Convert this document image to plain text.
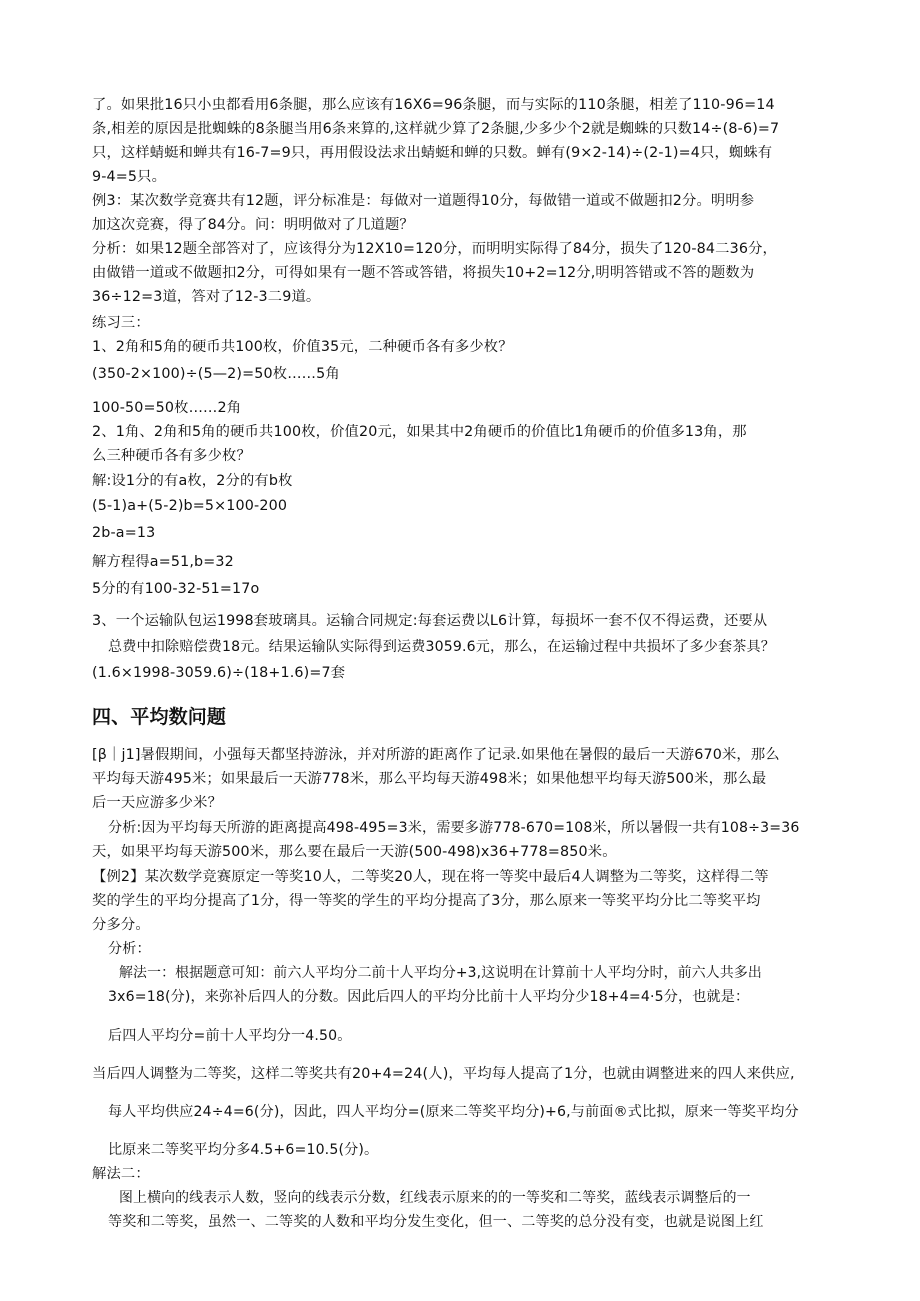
了。如果批16只小虫都看用6条腿，那么应该有16X6=96条腿，而与实际的110条腿，相差了110-96=14
条,相差的原因是批蜘蛛的8条腿当用6条来算的,这样就少算了2条腿,少多少个2就是蜘蛛的只数14÷(8-6)=7
只，这样蜻蜓和蝉共有16-7=9只，再用假设法求出蜻蜓和蝉的只数。蝉有(9×2-14)÷(2-1)=4只，蜘蛛有
9-4=5只。
例3：某次数学竞赛共有12题，评分标准是：每做对一道题得10分，每做错一道或不做题扣2分。明明参
加这次竞赛，得了84分。问：明明做对了几道题？
分析：如果12题全部答对了，应该得分为12X10=120分，而明明实际得了84分，损失了120-84二36分，
由做错一道或不做题扣2分，可得如果有一题不答或答错，将损失10+2=12分,明明答错或不答的题数为
36÷12=3道，答对了12-3二9道。
练习三：
1、2角和5角的硬币共100枚，价值35元，二种硬币各有多少枚？
(350-2×100)÷(5—2)=50枚……5角
100-50=50枚……2角
2、1角、2角和5角的硬币共100枚，价值20元，如果其中2角硬币的价值比1角硬币的价值多13角，那
么三种硬币各有多少枚？
解:设1分的有a枚，2分的有b枚
(5-1)a+(5-2)b=5×100-200
2b-a=13
解方程得a=51,b=32
5分的有100-32-51=17o
3、一个运输队包运1998套玻璃具。运输合同规定:每套运费以L6计算，每损坏一套不仅不得运费，还要从
总费中扣除赔偿费18元。结果运输队实际得到运费3059.6元，那么，在运输过程中共损坏了多少套茶具？
(1.6×1998-3059.6)÷(18+1.6)=7套
四、平均数问题
[β｜j1]暑假期间，小强每天都坚持游泳，并对所游的距离作了记录.如果他在暑假的最后一天游670米，那么
平均每天游495米；如果最后一天游778米，那么平均每天游498米；如果他想平均每天游500米，那么最
后一天应游多少米？
分析:因为平均每天所游的距离提高498-495=3米，需要多游778-670=108米，所以暑假一共有108÷3=36
天，如果平均每天游500米，那么要在最后一天游(500-498)x36+778=850米。
【例2】某次数学竞赛原定一等奖10人，二等奖20人，现在将一等奖中最后4人调整为二等奖，这样得二等
奖的学生的平均分提高了1分，得一等奖的学生的平均分提高了3分，那么原来一等奖平均分比二等奖平均
分多分。
分析：
解法一：根据题意可知：前六人平均分二前十人平均分+3,这说明在计算前十人平均分时，前六人共多出
3x6=18(分)，来弥补后四人的分数。因此后四人的平均分比前十人平均分少18+4=4·5分，也就是：
后四人平均分=前十人平均分一4.50。
当后四人调整为二等奖，这样二等奖共有20+4=24(人)，平均每人提高了1分，也就由调整进来的四人来供应,
每人平均供应24÷4=6(分)，因此，四人平均分=(原来二等奖平均分)+6,与前面®式比拟，原来一等奖平均分
比原来二等奖平均分多4.5+6=10.5(分)。
解法二：
图上横向的线表示人数，竖向的线表示分数，红线表示原来的的一等奖和二等奖，蓝线表示调整后的一
等奖和二等奖，虽然一、二等奖的人数和平均分发生变化，但一、二等奖的总分没有变，也就是说图上红
